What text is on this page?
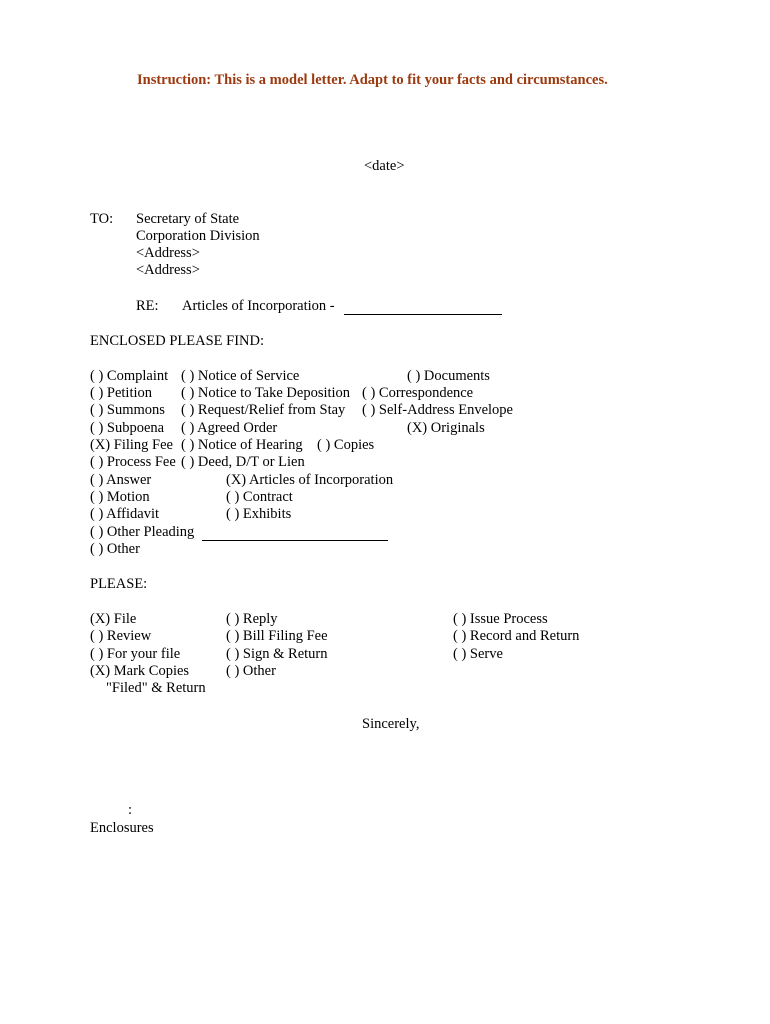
Instruction: This is a model letter. Adapt to fit your facts and circumstances.
<date>
TO: Secretary of State
Corporation Division
<Address>
<Address>
RE: Articles of Incorporation -
ENCLOSED PLEASE FIND:
( ) Complaint
( ) Petition
( ) Summons
( ) Subpoena
(X) Filing Fee
( ) Process Fee
( ) Answer
( ) Motion
( ) Affidavit
( ) Other Pleading
( ) Other
( ) Notice of Service
( ) Notice to Take Deposition
( ) Request/Relief from Stay
( ) Agreed Order
( ) Notice of Hearing
( ) Deed, D/T or Lien
(X) Articles of Incorporation
( ) Contract
( ) Exhibits
( ) Documents
( ) Correspondence
( ) Self-Address Envelope
(X) Originals
( ) Copies
PLEASE:
(X) File
( ) Review
( ) For your file
(X) Mark Copies
"Filed" & Return
( ) Reply
( ) Bill Filing Fee
( ) Sign & Return
( ) Other
( ) Issue Process
( ) Record and Return
( ) Serve
Sincerely,
:
Enclosures
